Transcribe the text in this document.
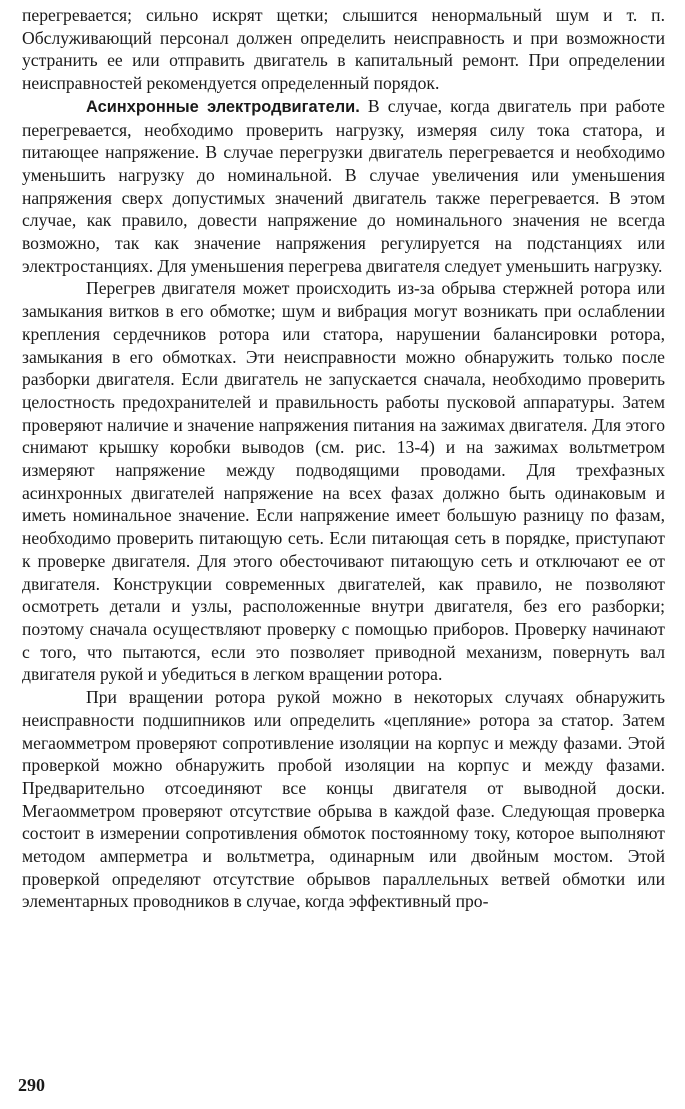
перегревается; сильно искрят щетки; слышится ненормальный шум и т. п. Обслуживающий персонал должен определить неисправность и при возможности устранить ее или отправить двигатель в капитальный ремонт. При определении неисправностей рекомендуется определенный порядок.

Асинхронные электродвигатели. В случае, когда двигатель при работе перегревается, необходимо проверить нагрузку, измеряя силу тока статора, и питающее напряжение. В случае перегрузки двигатель перегревается и необходимо уменьшить нагрузку до номинальной. В случае увеличения или уменьшения напряжения сверх допустимых значений двигатель также перегревается. В этом случае, как правило, довести напряжение до номинального значения не всегда возможно, так как значение напряжения регулируется на подстанциях или электростанциях. Для уменьшения перегрева двигателя следует уменьшить нагрузку.

Перегрев двигателя может происходить из-за обрыва стержней ротора или замыкания витков в его обмотке; шум и вибрация могут возникать при ослаблении крепления сердечников ротора или статора, нарушении балансировки ротора, замыкания в его обмотках. Эти неисправности можно обнаружить только после разборки двигателя. Если двигатель не запускается сначала, необходимо проверить целостность предохранителей и правильность работы пусковой аппаратуры. Затем проверяют наличие и значение напряжения питания на зажимах двигателя. Для этого снимают крышку коробки выводов (см. рис. 13-4) и на зажимах вольтметром измеряют напряжение между подводящими проводами. Для трехфазных асинхронных двигателей напряжение на всех фазах должно быть одинаковым и иметь номинальное значение. Если напряжение имеет большую разницу по фазам, необходимо проверить питающую сеть. Если питающая сеть в порядке, приступают к проверке двигателя. Для этого обесточивают питающую сеть и отключают ее от двигателя. Конструкции современных двигателей, как правило, не позволяют осмотреть детали и узлы, расположенные внутри двигателя, без его разборки; поэтому сначала осуществляют проверку с помощью приборов. Проверку начинают с того, что пытаются, если это позволяет приводной механизм, повернуть вал двигателя рукой и убедиться в легком вращении ротора.

При вращении ротора рукой можно в некоторых случаях обнаружить неисправности подшипников или определить «цепляние» ротора за статор. Затем мегаомметром проверяют сопротивление изоляции на корпус и между фазами. Этой проверкой можно обнаружить пробой изоляции на корпус и между фазами. Предварительно отсоединяют все концы двигателя от выводной доски. Мегаомметром проверяют отсутствие обрыва в каждой фазе. Следующая проверка состоит в измерении сопротивления обмоток постоянному току, которое выполняют методом амперметра и вольтметра, одинарным или двойным мостом. Этой проверкой определяют отсутствие обрывов параллельных ветвей обмотки или элементарных проводников в случае, когда эффективный про-

290
